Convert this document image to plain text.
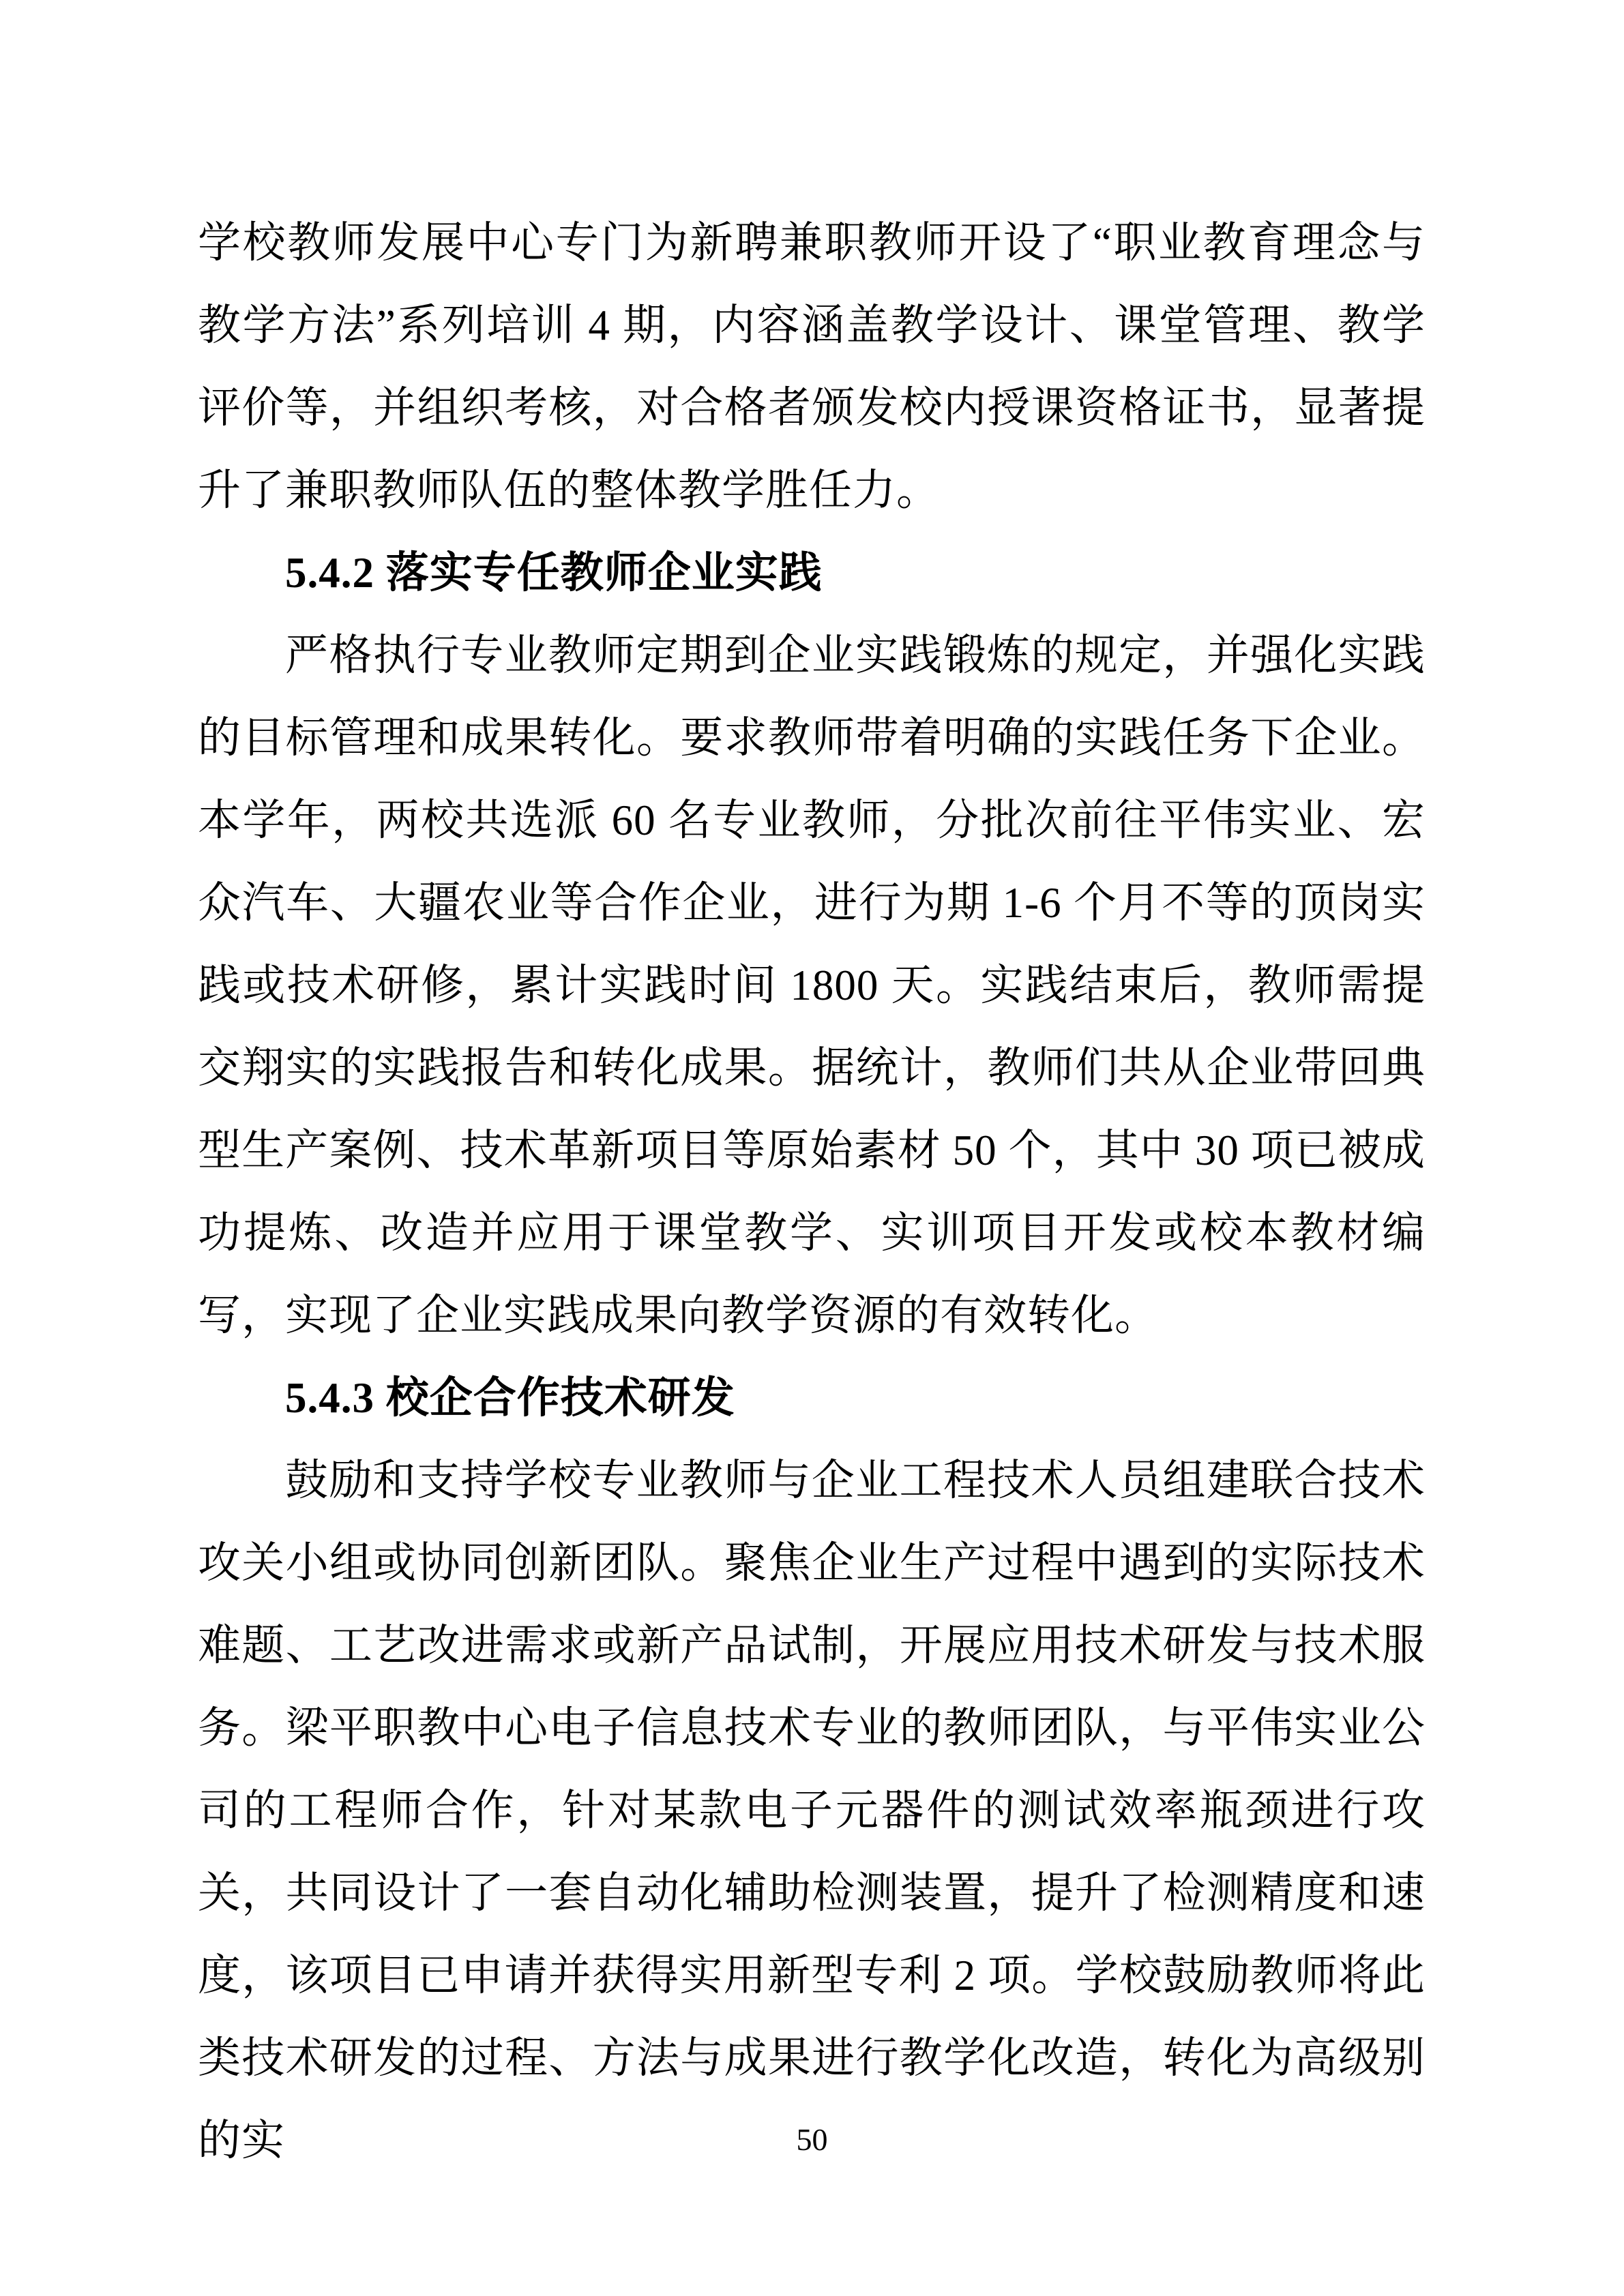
学校教师发展中心专门为新聘兼职教师开设了“职业教育理念与教学方法”系列培训 4 期，内容涵盖教学设计、课堂管理、教学评价等，并组织考核，对合格者颁发校内授课资格证书，显著提升了兼职教师队伍的整体教学胜任力。

5.4.2 落实专任教师企业实践

严格执行专业教师定期到企业实践锻炼的规定，并强化实践的目标管理和成果转化。要求教师带着明确的实践任务下企业。本学年，两校共选派 60 名专业教师，分批次前往平伟实业、宏众汽车、大疆农业等合作企业，进行为期 1-6 个月不等的顶岗实践或技术研修，累计实践时间 1800 天。实践结束后，教师需提交翔实的实践报告和转化成果。据统计，教师们共从企业带回典型生产案例、技术革新项目等原始素材 50 个，其中 30 项已被成功提炼、改造并应用于课堂教学、实训项目开发或校本教材编写，实现了企业实践成果向教学资源的有效转化。

5.4.3 校企合作技术研发

鼓励和支持学校专业教师与企业工程技术人员组建联合技术攻关小组或协同创新团队。聚焦企业生产过程中遇到的实际技术难题、工艺改进需求或新产品试制，开展应用技术研发与技术服务。梁平职教中心电子信息技术专业的教师团队，与平伟实业公司的工程师合作，针对某款电子元器件的测试效率瓶颈进行攻关，共同设计了一套自动化辅助检测装置，提升了检测精度和速度，该项目已申请并获得实用新型专利 2 项。学校鼓励教师将此类技术研发的过程、方法与成果进行教学化改造，转化为高级别的实	50
